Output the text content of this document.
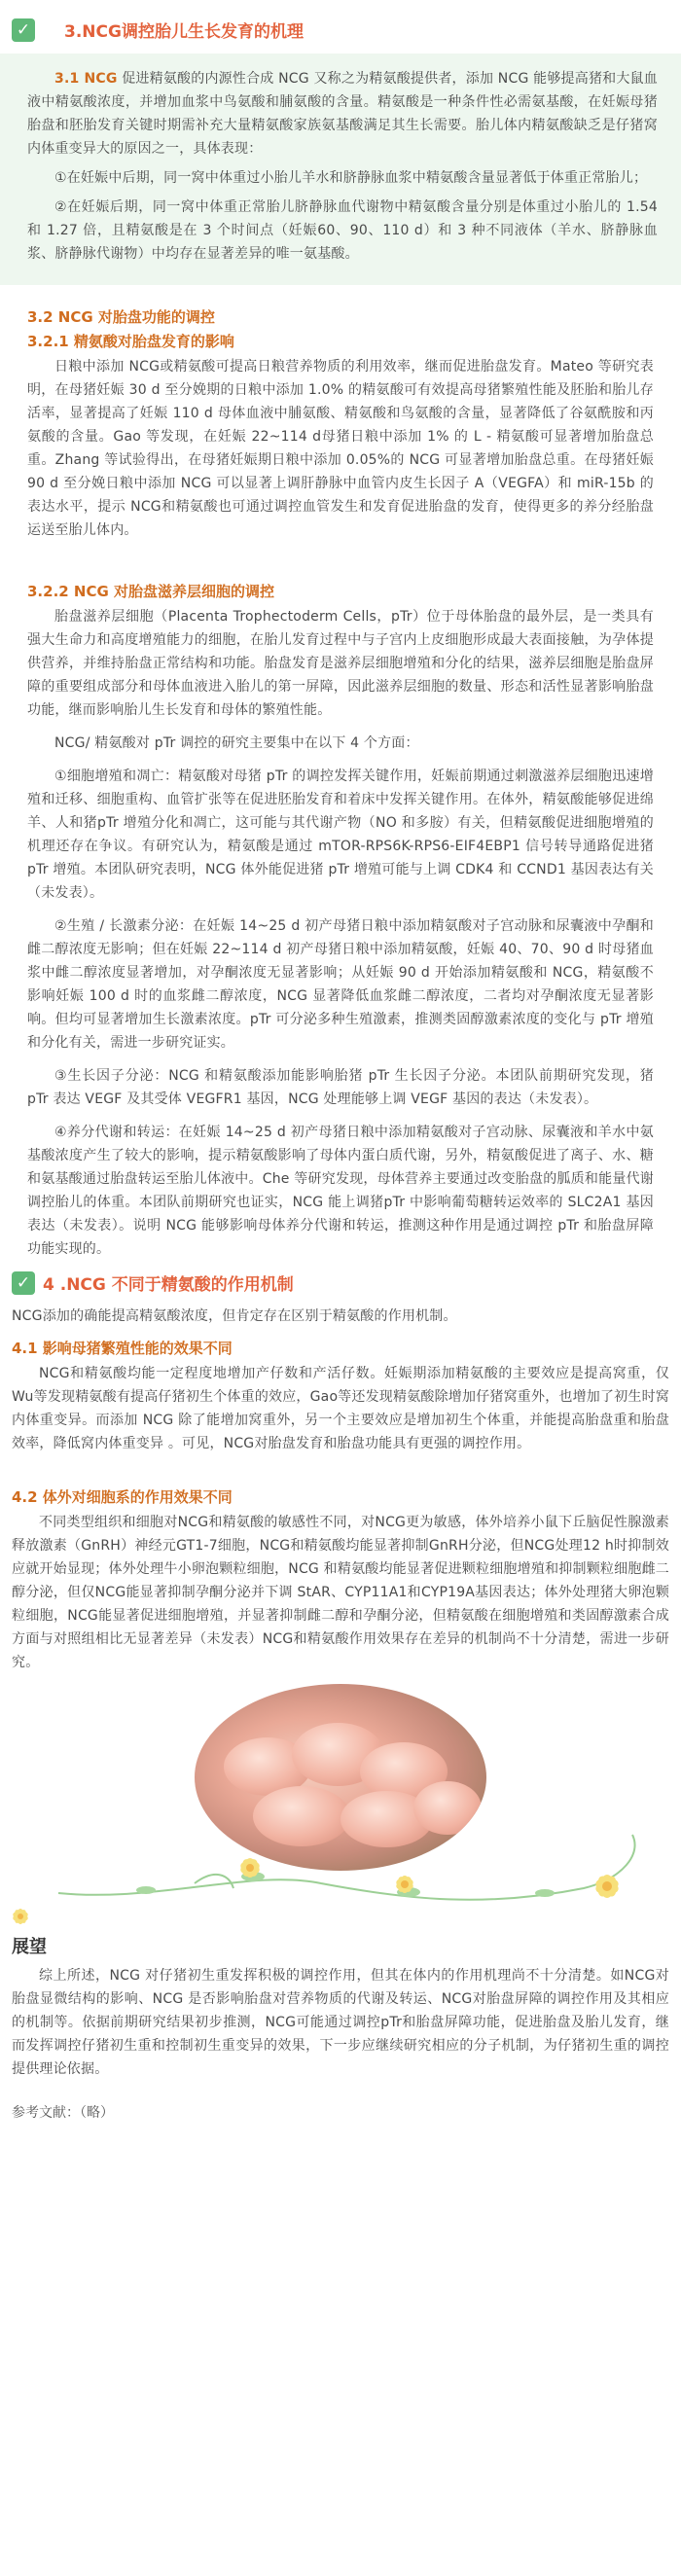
✓ 3.NCG调控胎儿生长发育的机理

3.1 NCG 促进精氨酸的内源性合成 NCG 又称之为精氨酸提供者，添加 NCG 能够提高猪和大鼠血液中精氨酸浓度，并增加血浆中鸟氨酸和脯氨酸的含量。精氨酸是一种条件性必需氨基酸，在妊娠母猪胎盘和胚胎发育关键时期需补充大量精氨酸家族氨基酸满足其生长需要。胎儿体内精氨酸缺乏是仔猪窝内体重变异大的原因之一，具体表现：

①在妊娠中后期，同一窝中体重过小胎儿羊水和脐静脉血浆中精氨酸含量显著低于体重正常胎儿；

②在妊娠后期，同一窝中体重正常胎儿脐静脉血代谢物中精氨酸含量分别是体重过小胎儿的 1.54 和 1.27 倍，且精氨酸是在 3 个时间点（妊娠60、90、110 d）和 3 种不同液体（羊水、脐静脉血浆、脐静脉代谢物）中均存在显著差异的唯一氨基酸。

3.2 NCG 对胎盘功能的调控
3.2.1 精氨酸对胎盘发育的影响

日粮中添加 NCG或精氨酸可提高日粮营养物质的利用效率，继而促进胎盘发育。Mateo 等研究表明，在母猪妊娠 30 d 至分娩期的日粮中添加 1.0% 的精氨酸可有效提高母猪繁殖性能及胚胎和胎儿存活率，显著提高了妊娠 110 d 母体血液中脯氨酸、精氨酸和鸟氨酸的含量，显著降低了谷氨酰胺和丙氨酸的含量。Gao 等发现，在妊娠 22~114 d母猪日粮中添加 1% 的 L - 精氨酸可显著增加胎盘总重。Zhang 等试验得出，在母猪妊娠期日粮中添加 0.05%的 NCG 可显著增加胎盘总重。在母猪妊娠 90 d 至分娩日粮中添加 NCG 可以显著上调肝静脉中血管内皮生长因子 A（VEGFA）和 miR-15b 的表达水平，提示 NCG和精氨酸也可通过调控血管发生和发育促进胎盘的发育，使得更多的养分经胎盘运送至胎儿体内。

3.2.2 NCG 对胎盘滋养层细胞的调控

胎盘滋养层细胞（Placenta Trophectoderm Cells，pTr）位于母体胎盘的最外层，是一类具有强大生命力和高度增殖能力的细胞，在胎儿发育过程中与子宫内上皮细胞形成最大表面接触，为孕体提供营养，并维持胎盘正常结构和功能。胎盘发育是滋养层细胞增殖和分化的结果，滋养层细胞是胎盘屏障的重要组成部分和母体血液进入胎儿的第一屏障，因此滋养层细胞的数量、形态和活性显著影响胎盘功能，继而影响胎儿生长发育和母体的繁殖性能。

NCG/ 精氨酸对 pTr 调控的研究主要集中在以下 4 个方面：

①细胞增殖和凋亡：精氨酸对母猪 pTr 的调控发挥关键作用，妊娠前期通过刺激滋养层细胞迅速增殖和迁移、细胞重构、血管扩张等在促进胚胎发育和着床中发挥关键作用。在体外，精氨酸能够促进绵羊、人和猪pTr 增殖分化和凋亡，这可能与其代谢产物（NO 和多胺）有关，但精氨酸促进细胞增殖的机理还存在争议。有研究认为，精氨酸是通过 mTOR-RPS6K-RPS6-EIF4EBP1 信号转导通路促进猪 pTr 增殖。本团队研究表明，NCG 体外能促进猪 pTr 增殖可能与上调 CDK4 和 CCND1 基因表达有关（未发表）。

②生殖 / 长激素分泌：在妊娠 14~25 d 初产母猪日粮中添加精氨酸对子宫动脉和尿囊液中孕酮和雌二醇浓度无影响；但在妊娠 22~114 d 初产母猪日粮中添加精氨酸，妊娠 40、70、90 d 时母猪血浆中雌二醇浓度显著增加，对孕酮浓度无显著影响；从妊娠 90 d 开始添加精氨酸和 NCG，精氨酸不影响妊娠 100 d 时的血浆雌二醇浓度，NCG 显著降低血浆雌二醇浓度，二者均对孕酮浓度无显著影响。但均可显著增加生长激素浓度。pTr 可分泌多种生殖激素，推测类固醇激素浓度的变化与 pTr 增殖和分化有关，需进一步研究证实。

③生长因子分泌：NCG 和精氨酸添加能影响胎猪 pTr 生长因子分泌。本团队前期研究发现，猪 pTr 表达 VEGF 及其受体 VEGFR1 基因，NCG 处理能够上调 VEGF 基因的表达（未发表）。

④养分代谢和转运：在妊娠 14~25 d 初产母猪日粮中添加精氨酸对子宫动脉、尿囊液和羊水中氨基酸浓度产生了较大的影响，提示精氨酸影响了母体内蛋白质代谢，另外，精氨酸促进了离子、水、糖和氨基酸通过胎盘转运至胎儿体液中。Che 等研究发现，母体营养主要通过改变胎盘的胍质和能量代谢调控胎儿的体重。本团队前期研究也证实，NCG 能上调猪pTr 中影响葡萄糖转运效率的 SLC2A1 基因表达（未发表）。说明 NCG 能够影响母体养分代谢和转运，推测这种作用是通过调控 pTr 和胎盘屏障功能实现的。

✓ 4 .NCG 不同于精氨酸的作用机制

NCG添加的确能提高精氨酸浓度，但肯定存在区别于精氨酸的作用机制。

4.1 影响母猪繁殖性能的效果不同

NCG和精氨酸均能一定程度地增加产仔数和产活仔数。妊娠期添加精氨酸的主要效应是提高窝重，仅Wu等发现精氨酸有提高仔猪初生个体重的效应，Gao等还发现精氨酸除增加仔猪窝重外，也增加了初生时窝内体重变异。而添加 NCG 除了能增加窝重外，另一个主要效应是增加初生个体重，并能提高胎盘重和胎盘效率，降低窝内体重变异 。可见，NCG对胎盘发育和胎盘功能具有更强的调控作用。

4.2 体外对细胞系的作用效果不同

不同类型组织和细胞对NCG和精氨酸的敏感性不同，对NCG更为敏感，体外培养小鼠下丘脑促性腺激素释放激素（GnRH）神经元GT1-7细胞，NCG和精氨酸均能显著抑制GnRH分泌，但NCG处理12 h时抑制效应就开始显现；体外处理牛小卵泡颗粒细胞，NCG 和精氨酸均能显著促进颗粒细胞增殖和抑制颗粒细胞雌二醇分泌，但仅NCG能显著抑制孕酮分泌并下调 StAR、CYP11A1和CYP19A基因表达；体外处理猪大卵泡颗粒细胞，NCG能显著促进细胞增殖，并显著抑制雌二醇和孕酮分泌，但精氨酸在细胞增殖和类固醇激素合成方面与对照组相比无显著差异（未发表）NCG和精氨酸作用效果存在差异的机制尚不十分清楚，需进一步研究。

展望

综上所述，NCG 对仔猪初生重发挥积极的调控作用，但其在体内的作用机理尚不十分清楚。如NCG对胎盘显微结构的影响、NCG 是否影响胎盘对营养物质的代谢及转运、NCG对胎盘屏障的调控作用及其相应的机制等。依据前期研究结果初步推测，NCG可能通过调控pTr和胎盘屏障功能，促进胎盘及胎儿发育，继而发挥调控仔猪初生重和控制初生重变异的效果，下一步应继续研究相应的分子机制，为仔猪初生重的调控提供理论依据。

参考文献：（略）
